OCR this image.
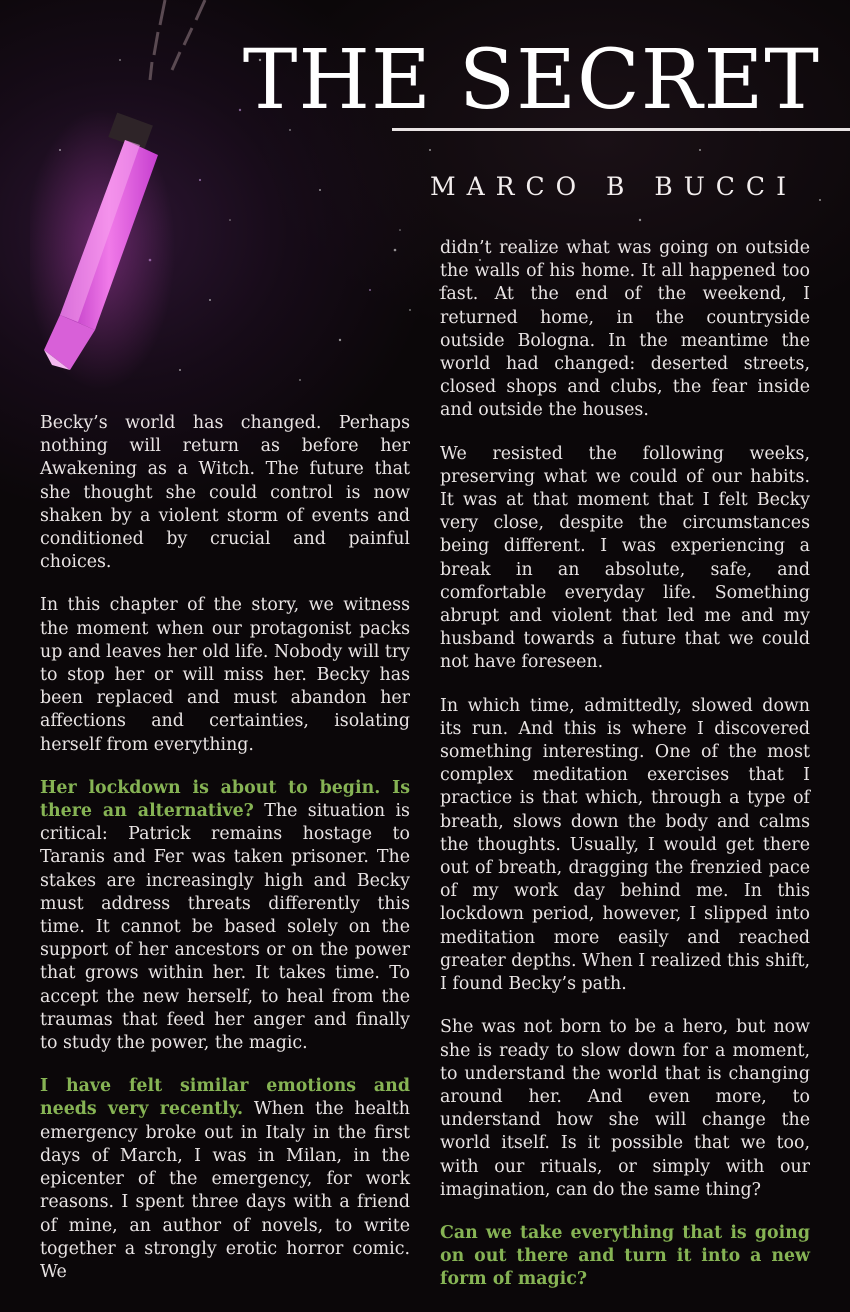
THE SECRET
MARCO B BUCCI

Becky’s world has changed. Perhaps nothing will return as before her Awakening as a Witch. The future that she thought she could control is now shaken by a violent storm of events and conditioned by crucial and painful choices.

In this chapter of the story, we witness the moment when our protagonist packs up and leaves her old life. Nobody will try to stop her or will miss her. Becky has been replaced and must abandon her affections and certainties, isolating herself from everything.

Her lockdown is about to begin. Is there an alternative? The situation is critical: Patrick remains hostage to Taranis and Fer was taken prisoner. The stakes are increasingly high and Becky must address threats differently this time. It cannot be based solely on the support of her ancestors or on the power that grows within her. It takes time. To accept the new herself, to heal from the traumas that feed her anger and finally to study the power, the magic.

I have felt similar emotions and needs very recently. When the health emergency broke out in Italy in the first days of March, I was in Milan, in the epicenter of the emergency, for work reasons. I spent three days with a friend of mine, an author of novels, to write together a strongly erotic horror comic. We

didn’t realize what was going on outside the walls of his home. It all happened too fast. At the end of the weekend, I returned home, in the countryside outside Bologna. In the meantime the world had changed: deserted streets, closed shops and clubs, the fear inside and outside the houses.

We resisted the following weeks, preserving what we could of our habits. It was at that moment that I felt Becky very close, despite the circumstances being different. I was experiencing a break in an absolute, safe, and comfortable everyday life. Something abrupt and violent that led me and my husband towards a future that we could not have foreseen.

In which time, admittedly, slowed down its run. And this is where I discovered something interesting. One of the most complex meditation exercises that I practice is that which, through a type of breath, slows down the body and calms the thoughts. Usually, I would get there out of breath, dragging the frenzied pace of my work day behind me. In this lockdown period, however, I slipped into meditation more easily and reached greater depths. When I realized this shift, I found Becky’s path.

She was not born to be a hero, but now she is ready to slow down for a moment, to understand the world that is changing around her. And even more, to understand how she will change the world itself. Is it possible that we too, with our rituals, or simply with our imagination, can do the same thing?

Can we take everything that is going on out there and turn it into a new form of magic?
